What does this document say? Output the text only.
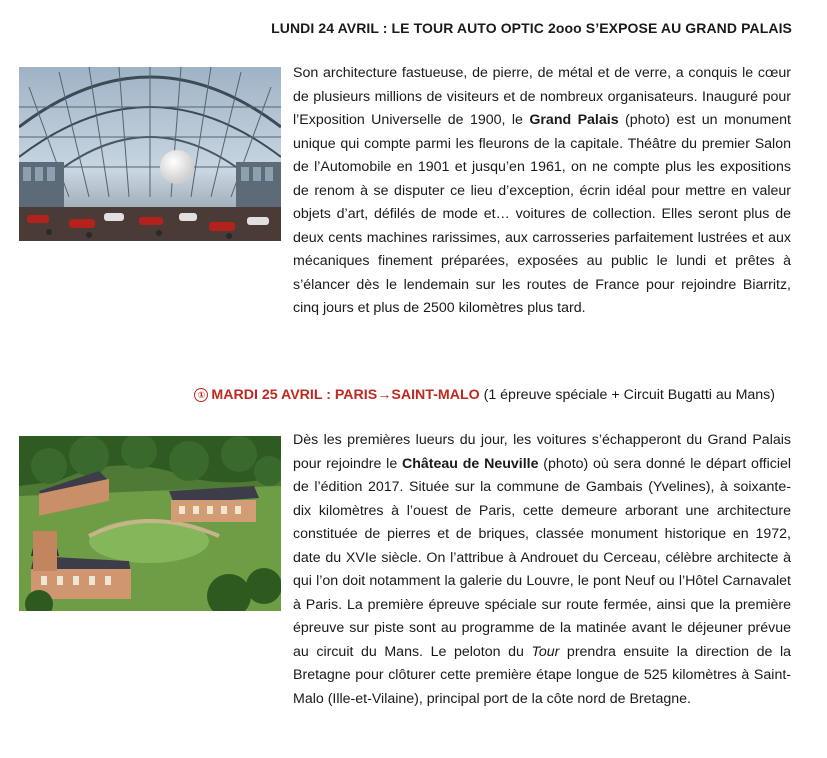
LUNDI 24 AVRIL : LE TOUR AUTO OPTIC 2ooo S’EXPOSE AU GRAND PALAIS
Son architecture fastueuse, de pierre, de métal et de verre, a conquis le cœur de plusieurs millions de visiteurs et de nombreux organisateurs. Inauguré pour l’Exposition Universelle de 1900, le Grand Palais (photo) est un monument unique qui compte parmi les fleurons de la capitale. Théâtre du premier Salon de l’Automobile en 1901 et jusqu’en 1961, on ne compte plus les expositions de renom à se disputer ce lieu d’exception, écrin idéal pour mettre en valeur objets d’art, défilés de mode et… voitures de collection. Elles seront plus de deux cents machines rarissimes, aux carrosseries parfaitement lustrées et aux mécaniques finement préparées, exposées au public le lundi et prêtes à s’élancer dès le lendemain sur les routes de France pour rejoindre Biarritz, cinq jours et plus de 2500 kilomètres plus tard.
① MARDI 25 AVRIL : PARIS→SAINT-MALO (1 épreuve spéciale + Circuit Bugatti au Mans)
Dès les premières lueurs du jour, les voitures s’échapperont du Grand Palais pour rejoindre le Château de Neuville (photo) où sera donné le départ officiel de l’édition 2017. Située sur la commune de Gambais (Yvelines), à soixante-dix kilomètres à l’ouest de Paris, cette demeure arborant une architecture constituée de pierres et de briques, classée monument historique en 1972, date du XVIe siècle. On l’attribue à Androuet du Cerceau, célèbre architecte à qui l’on doit notamment la galerie du Louvre, le pont Neuf ou l’Hôtel Carnavalet à Paris. La première épreuve spéciale sur route fermée, ainsi que la première épreuve sur piste sont au programme de la matinée avant le déjeuner prévue au circuit du Mans. Le peloton du Tour prendra ensuite la direction de la Bretagne pour clôturer cette première étape longue de 525 kilomètres à Saint-Malo (Ille-et-Vilaine), principal port de la côte nord de Bretagne.
